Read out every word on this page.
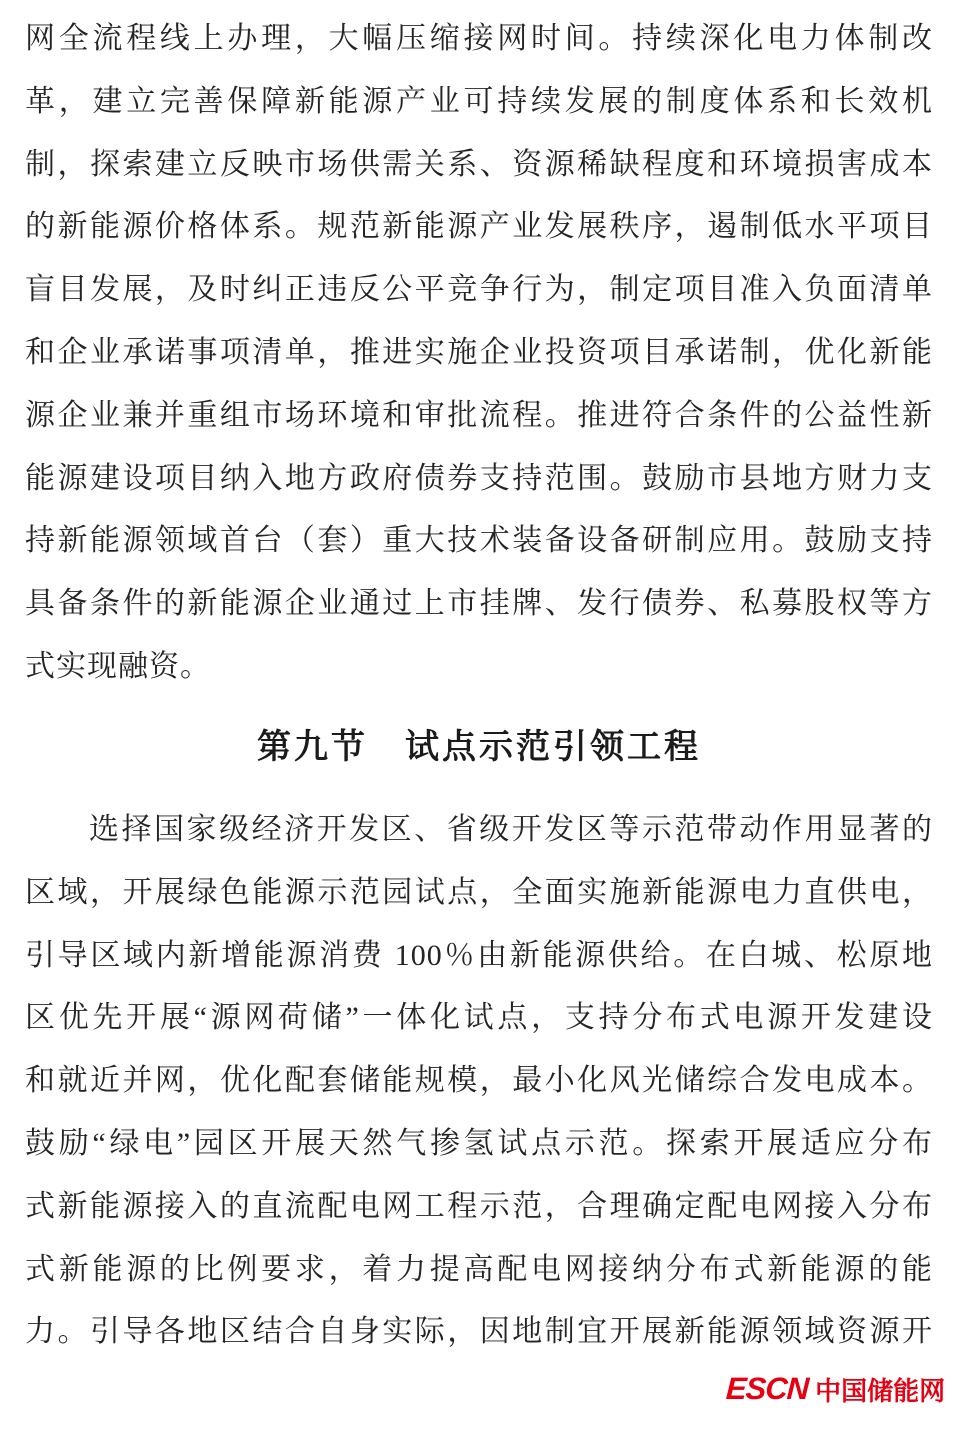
网全流程线上办理，大幅压缩接网时间。持续深化电力体制改
革，建立完善保障新能源产业可持续发展的制度体系和长效机
制，探索建立反映市场供需关系、资源稀缺程度和环境损害成本
的新能源价格体系。规范新能源产业发展秩序，遏制低水平项目
盲目发展，及时纠正违反公平竞争行为，制定项目准入负面清单
和企业承诺事项清单，推进实施企业投资项目承诺制，优化新能
源企业兼并重组市场环境和审批流程。推进符合条件的公益性新
能源建设项目纳入地方政府债券支持范围。鼓励市县地方财力支
持新能源领域首台（套）重大技术装备设备研制应用。鼓励支持
具备条件的新能源企业通过上市挂牌、发行债券、私募股权等方
式实现融资。
第九节　试点示范引领工程
选择国家级经济开发区、省级开发区等示范带动作用显著的
区域，开展绿色能源示范园试点，全面实施新能源电力直供电，
引导区域内新增能源消费 100％由新能源供给。在白城、松原地
区优先开展“源网荷储”一体化试点，支持分布式电源开发建设
和就近并网，优化配套储能规模，最小化风光储综合发电成本。
鼓励“绿电”园区开展天然气掺氢试点示范。探索开展适应分布
式新能源接入的直流配电网工程示范，合理确定配电网接入分布
式新能源的比例要求，着力提高配电网接纳分布式新能源的能
力。引导各地区结合自身实际，因地制宜开展新能源领域资源开
ESCN 中国储能网
